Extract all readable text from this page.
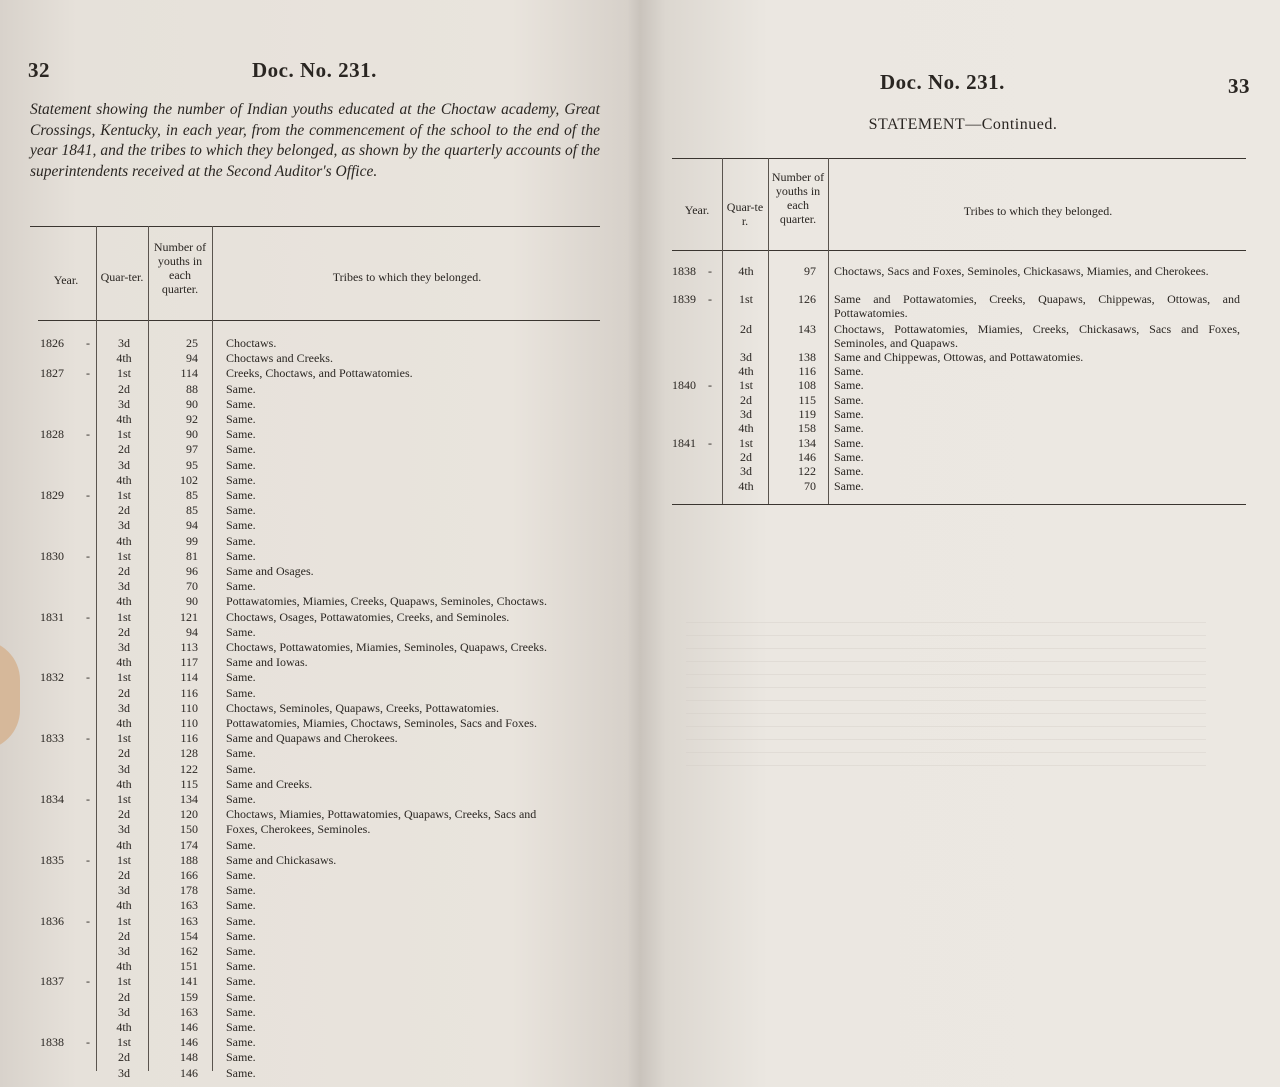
32	Doc. No. 231.
Statement showing the number of Indian youths educated at the Choctaw academy, Great Crossings, Kentucky, in each year, from the commencement of the school to the end of the year 1841, and the tribes to which they belonged, as shown by the quarterly accounts of the superintendents received at the Second Auditor's Office.
Year.	Quar-ter.
Number of youths in each quarter.
Tribes to which they belonged.
1826	-	3d	25 Choctaws.
4th	94 Choctaws and Creeks.
1827	-	1st	114 Creeks, Choctaws, and Pottawatomies.
2d	88 Same.
3d	90 Same.
4th	92 Same.
1828	-	1st	90 Same.
2d	97 Same.
3d	95 Same.
4th	102 Same.
1829	-	1st	85 Same.
2d	85 Same.
3d	94 Same.
4th	99 Same.
1830	-	1st	81 Same.
2d	96 Same and Osages.
3d	70 Same.
4th	90 Pottawatomies, Miamies, Creeks, Quapaws, Seminoles, Choctaws.
1831	-	1st	121 Choctaws, Osages, Pottawatomies, Creeks, and Seminoles.
2d	94 Same.
3d	113 Choctaws, Pottawatomies, Miamies, Seminoles, Quapaws, Creeks.
4th	117 Same and Iowas.
1832	-	1st	114 Same.
2d	116 Same.
3d	110 Choctaws, Seminoles, Quapaws, Creeks, Pottawatomies.
4th	110 Pottawatomies, Miamies, Choctaws, Seminoles, Sacs and Foxes.
1833	-	1st	116 Same and Quapaws and Cherokees.
2d	128 Same.
3d	122 Same.
4th	115 Same and Creeks.
1834	-	1st	134 Same.
2d	120 Choctaws, Miamies, Pottawatomies, Quapaws, Creeks, Sacs and
3d	150 Foxes, Cherokees, Seminoles.
4th	174 Same.
1835	-	1st	188 Same and Chickasaws.
2d	166 Same.
3d	178 Same.
4th	163 Same.
1836	-	1st	163 Same.
2d	154 Same.
3d	162 Same.
4th	151 Same.
1837	-	1st	141 Same.
2d	159 Same.
3d	163 Same.
4th	146 Same.
1838	-	1st	146 Same.
2d	148 Same.
3d	146 Same.
Doc. No. 231.	33
STATEMENT—Continued.
Year.	Quar-ter.
Number of youths in each quarter.
Tribes to which they belonged.
1838	-	4th	97 Choctaws, Sacs and Foxes, Seminoles, Chickasaws, Miamies, and Cherokees.
1839	-	1st	126 Same and Pottawatomies, Creeks, Quapaws, Chippewas, Ottowas, and Pottawatomies.
2d	143 Choctaws, Pottawatomies, Miamies, Creeks, Chickasaws, Sacs and Foxes, Seminoles, and Quapaws.
3d	138 Same and Chippewas, Ottowas, and Pottawatomies.
4th	116 Same.
1840	-	1st	108 Same.
2d	115 Same.
3d	119 Same.
4th	158 Same.
1841	-	1st	134 Same.
2d	146 Same.
3d	122 Same.
4th	70 Same.
